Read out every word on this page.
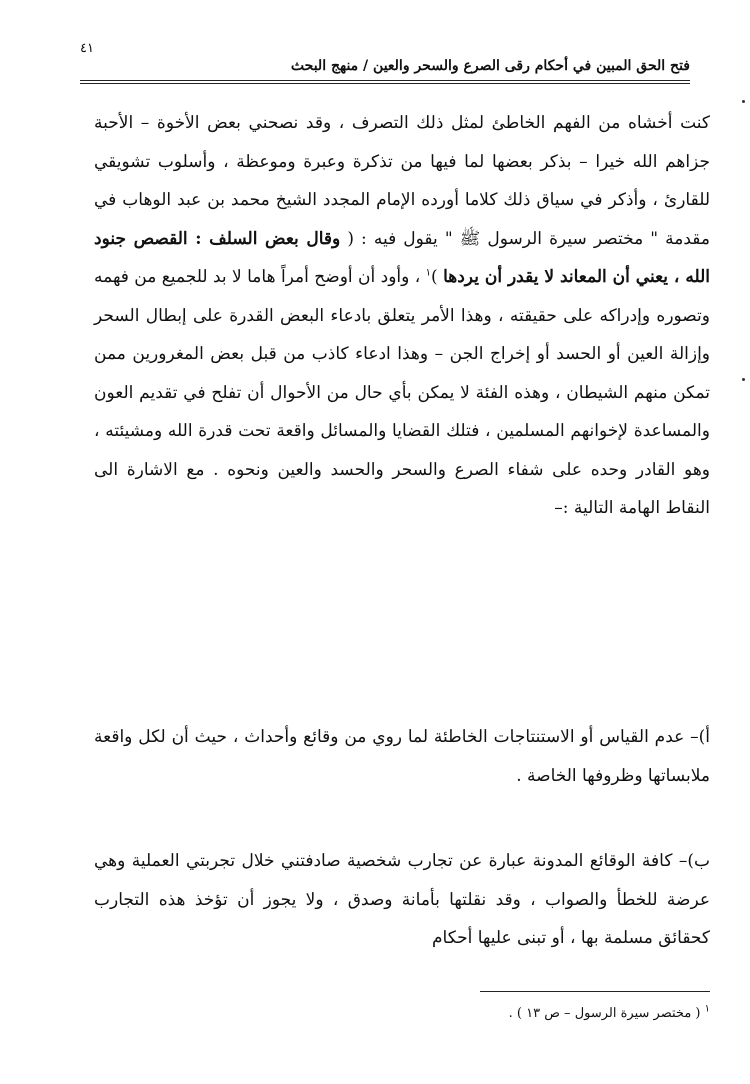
فتح الحق المبين في أحكام رقى الصرع والسحر والعين / منهج البحث
٤١

كنت أخشاه من الفهم الخاطئ لمثل ذلك التصرف ، وقد نصحني بعض الأخوة – الأحبة جزاهم الله خيرا – بذكر بعضها لما فيها من تذكرة وعبرة وموعظة ، وأسلوب تشويقي للقارئ ، وأذكر في سياق ذلك كلاما أورده الإمام المجدد الشيخ محمد بن عبد الوهاب في مقدمة " مختصر سيرة الرسول ﷺ " يقول فيه : ( وقال بعض السلف : القصص جنود الله ، يعني أن المعاند لا يقدر أن يردها )$^١$ ، وأود أن أوضح أمراً هاما لا بد للجميع من فهمه وتصوره وإدراكه على حقيقته ، وهذا الأمر يتعلق بادعاء البعض القدرة على إبطال السحر وإزالة العين أو الحسد أو إخراج الجن – وهذا ادعاء كاذب من قبل بعض المغرورين ممن تمكن منهم الشيطان ، وهذه الفئة لا يمكن بأي حال من الأحوال أن تفلح في تقديم العون والمساعدة لإخوانهم المسلمين ، فتلك القضايا والمسائل واقعة تحت قدرة الله ومشيئته ، وهو القادر وحده على شفاء الصرع والسحر والحسد والعين ونحوه . مع الاشارة الى النقاط الهامة التالية :–

أ)– عدم القياس أو الاستنتاجات الخاطئة لما روي من وقائع وأحداث ، حيث أن لكل واقعة ملابساتها وظروفها الخاصة .

ب)– كافة الوقائع المدونة عبارة عن تجارب شخصية صادفتني خلال تجربتي العملية وهي عرضة للخطأ والصواب ، وقد نقلتها بأمانة وصدق ، ولا يجوز أن تؤخذ هذه التجارب كحقائق مسلمة بها ، أو تبنى عليها أحكام

$^١$ ( مختصر سيرة الرسول – ص ١٣ ) .
